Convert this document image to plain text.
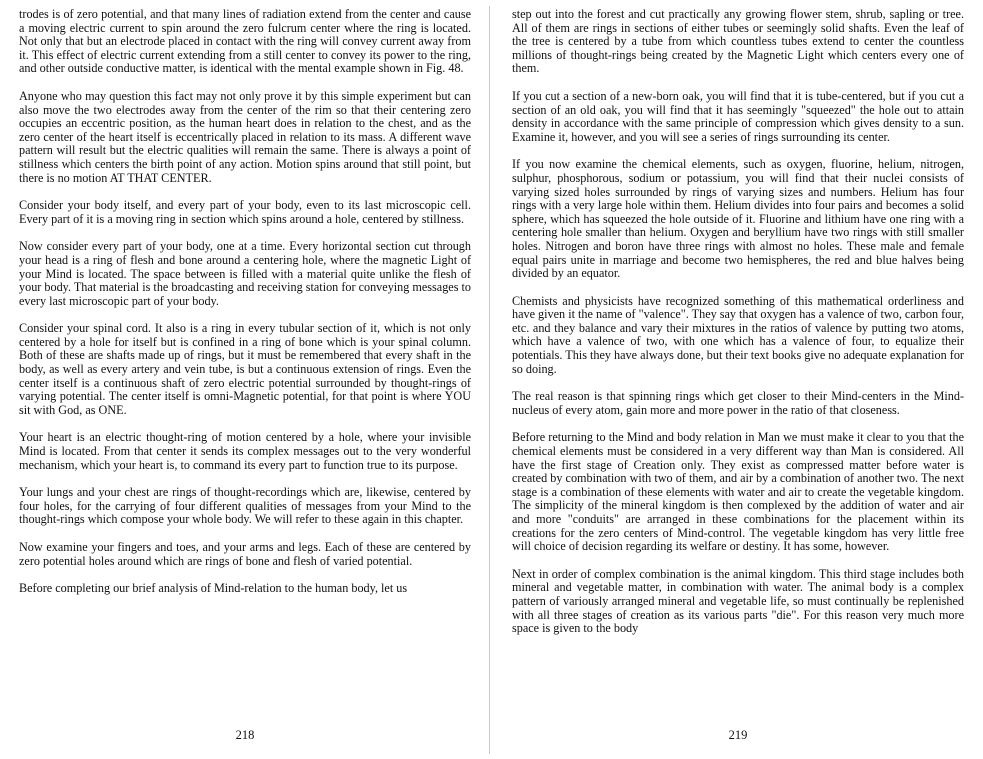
trodes is of zero potential, and that many lines of radiation extend from the center and cause a moving electric current to spin around the zero fulcrum center where the ring is located. Not only that but an electrode placed in contact with the ring will convey current away from it. This effect of electric current extending from a still center to convey its power to the ring, and other outside conductive matter, is identical with the mental example shown in Fig. 48.

Anyone who may question this fact may not only prove it by this simple experiment but can also move the two electrodes away from the center of the rim so that their centering zero occupies an eccentric position, as the human heart does in relation to the chest, and as the zero center of the heart itself is eccentrically placed in relation to its mass. A different wave pattern will result but the electric qualities will remain the same. There is always a point of stillness which centers the birth point of any action. Motion spins around that still point, but there is no motion AT THAT CENTER.

Consider your body itself, and every part of your body, even to its last microscopic cell. Every part of it is a moving ring in section which spins around a hole, centered by stillness.

Now consider every part of your body, one at a time. Every horizontal section cut through your head is a ring of flesh and bone around a centering hole, where the magnetic Light of your Mind is located. The space between is filled with a material quite unlike the flesh of your body. That material is the broadcasting and receiving station for conveying messages to every last microscopic part of your body.

Consider your spinal cord. It also is a ring in every tubular section of it, which is not only centered by a hole for itself but is confined in a ring of bone which is your spinal column. Both of these are shafts made up of rings, but it must be remembered that every shaft in the body, as well as every artery and vein tube, is but a continuous extension of rings. Even the center itself is a continuous shaft of zero electric potential surrounded by thought-rings of varying potential. The center itself is omni-Magnetic potential, for that point is where YOU sit with God, as ONE.

Your heart is an electric thought-ring of motion centered by a hole, where your invisible Mind is located. From that center it sends its complex messages out to the very wonderful mechanism, which your heart is, to command its every part to function true to its purpose.

Your lungs and your chest are rings of thought-recordings which are, likewise, centered by four holes, for the carrying of four different qualities of messages from your Mind to the thought-rings which compose your whole body. We will refer to these again in this chapter.

Now examine your fingers and toes, and your arms and legs. Each of these are centered by zero potential holes around which are rings of bone and flesh of varied potential.

Before completing our brief analysis of Mind-relation to the human body, let us

218

step out into the forest and cut practically any growing flower stem, shrub, sapling or tree. All of them are rings in sections of either tubes or seemingly solid shafts. Even the leaf of the tree is centered by a tube from which countless tubes extend to center the countless millions of thought-rings being created by the Magnetic Light which centers every one of them.

If you cut a section of a new-born oak, you will find that it is tube-centered, but if you cut a section of an old oak, you will find that it has seemingly "squeezed" the hole out to attain density in accordance with the same principle of compression which gives density to a sun. Examine it, however, and you will see a series of rings surrounding its center.

If you now examine the chemical elements, such as oxygen, fluorine, helium, nitrogen, sulphur, phosphorous, sodium or potassium, you will find that their nuclei consists of varying sized holes surrounded by rings of varying sizes and numbers. Helium has four rings with a very large hole within them. Helium divides into four pairs and becomes a solid sphere, which has squeezed the hole outside of it. Fluorine and lithium have one ring with a centering hole smaller than helium. Oxygen and beryllium have two rings with still smaller holes. Nitrogen and boron have three rings with almost no holes. These male and female equal pairs unite in marriage and become two hemispheres, the red and blue halves being divided by an equator.

Chemists and physicists have recognized something of this mathematical orderliness and have given it the name of "valence". They say that oxygen has a valence of two, carbon four, etc. and they balance and vary their mixtures in the ratios of valence by putting two atoms, which have a valence of two, with one which has a valence of four, to equalize their potentials. This they have always done, but their text books give no adequate explanation for so doing.

The real reason is that spinning rings which get closer to their Mind-centers in the Mind-nucleus of every atom, gain more and more power in the ratio of that closeness.

Before returning to the Mind and body relation in Man we must make it clear to you that the chemical elements must be considered in a very different way than Man is considered. All have the first stage of Creation only. They exist as compressed matter before water is created by combination with two of them, and air by a combination of another two. The next stage is a combination of these elements with water and air to create the vegetable kingdom. The simplicity of the mineral kingdom is then complexed by the addition of water and air and more "conduits" are arranged in these combinations for the placement within its creations for the zero centers of Mind-control. The vegetable kingdom has very little free will choice of decision regarding its welfare or destiny. It has some, however.

Next in order of complex combination is the animal kingdom. This third stage includes both mineral and vegetable matter, in combination with water. The animal body is a complex pattern of variously arranged mineral and vegetable life, so must continually be replenished with all three stages of creation as its various parts "die". For this reason very much more space is given to the body

219
